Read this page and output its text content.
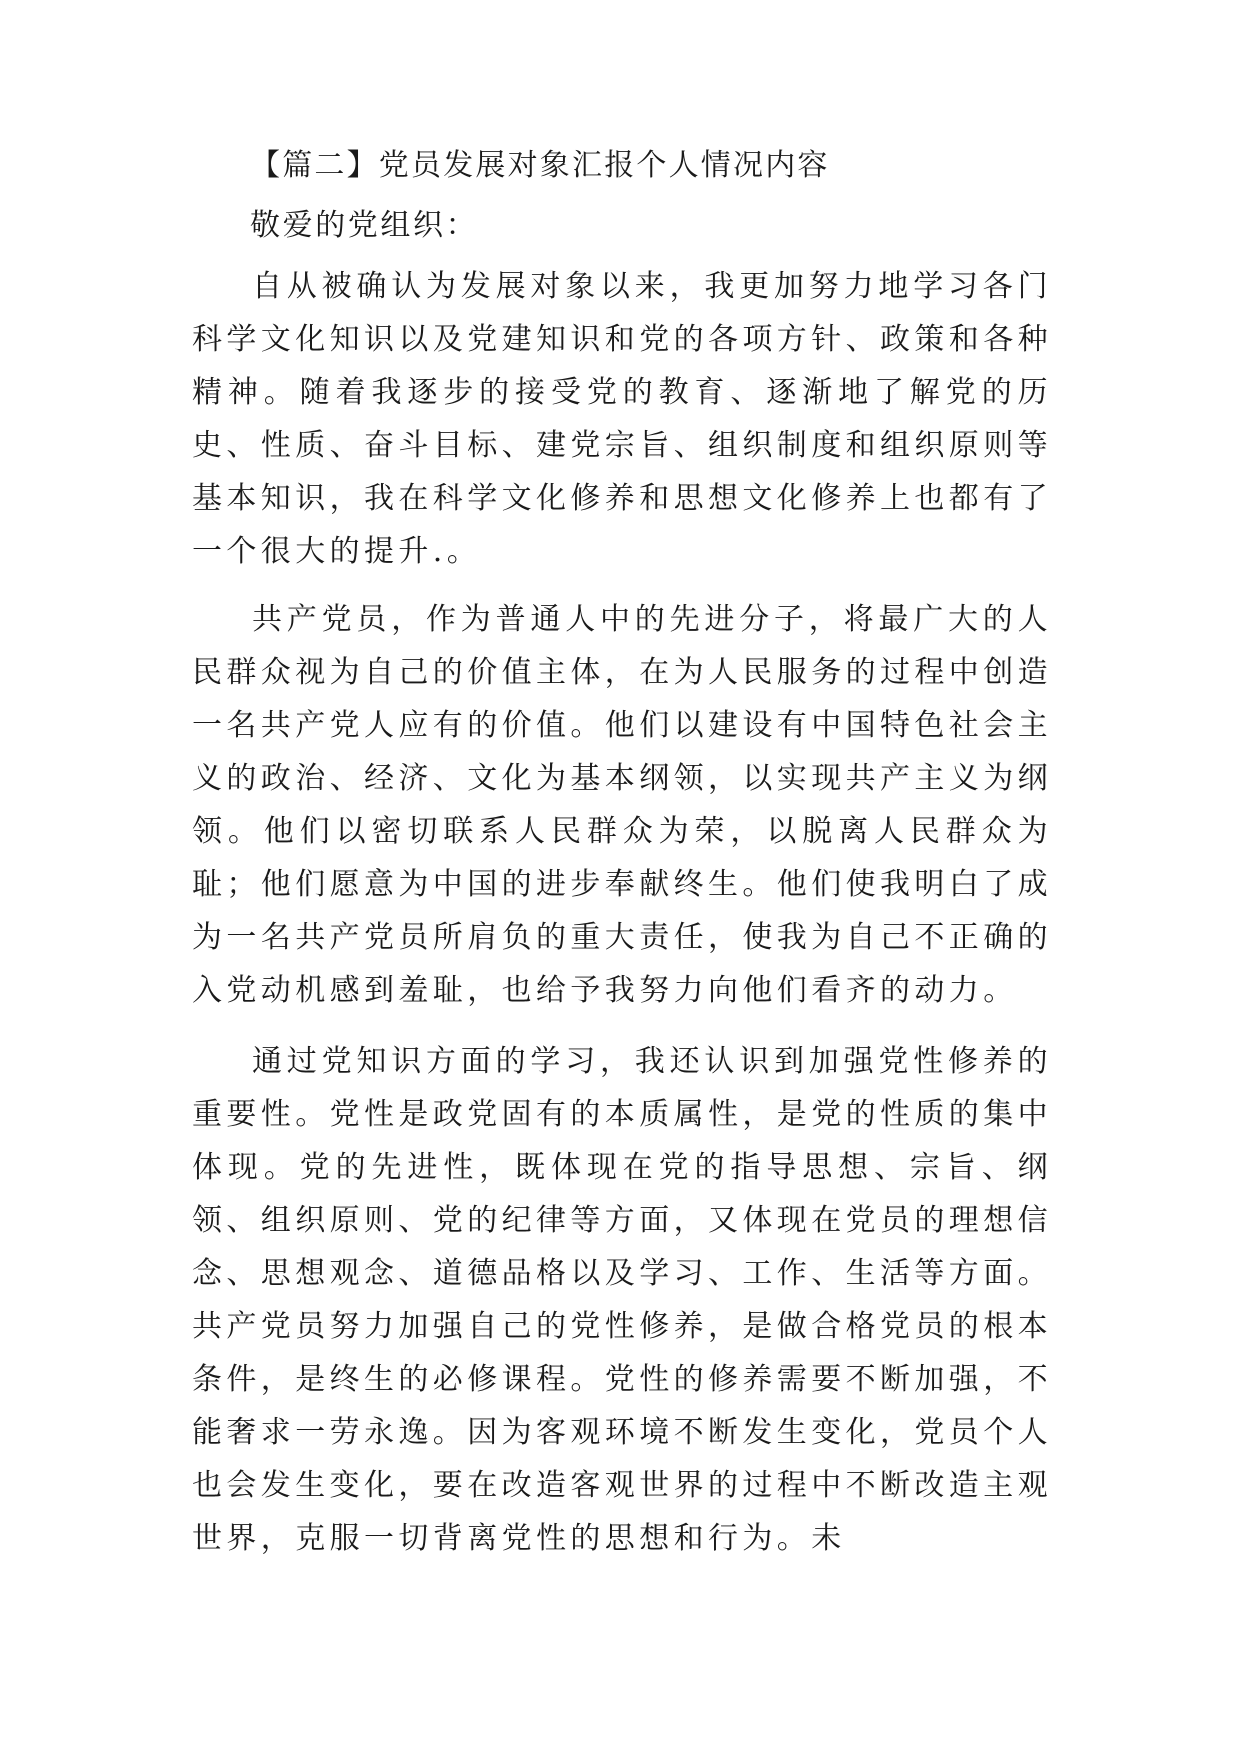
【篇二】党员发展对象汇报个人情况内容
敬爱的党组织：

自从被确认为发展对象以来，我更加努力地学习各门科学文化知识以及党建知识和党的各项方针、政策和各种精神。随着我逐步的接受党的教育、逐渐地了解党的历史、性质、奋斗目标、建党宗旨、组织制度和组织原则等基本知识，我在科学文化修养和思想文化修养上也都有了一个很大的提升.。

共产党员，作为普通人中的先进分子，将最广大的人民群众视为自己的价值主体，在为人民服务的过程中创造一名共产党人应有的价值。他们以建设有中国特色社会主义的政治、经济、文化为基本纲领，以实现共产主义为纲领。他们以密切联系人民群众为荣，以脱离人民群众为耻；他们愿意为中国的进步奉献终生。他们使我明白了成为一名共产党员所肩负的重大责任，使我为自己不正确的入党动机感到羞耻，也给予我努力向他们看齐的动力。

通过党知识方面的学习，我还认识到加强党性修养的重要性。党性是政党固有的本质属性，是党的性质的集中体现。党的先进性，既体现在党的指导思想、宗旨、纲领、组织原则、党的纪律等方面，又体现在党员的理想信念、思想观念、道德品格以及学习、工作、生活等方面。共产党员努力加强自己的党性修养，是做合格党员的根本条件，是终生的必修课程。党性的修养需要不断加强，不能奢求一劳永逸。因为客观环境不断发生变化，党员个人也会发生变化，要在改造客观世界的过程中不断改造主观世界，克服一切背离党性的思想和行为。未
